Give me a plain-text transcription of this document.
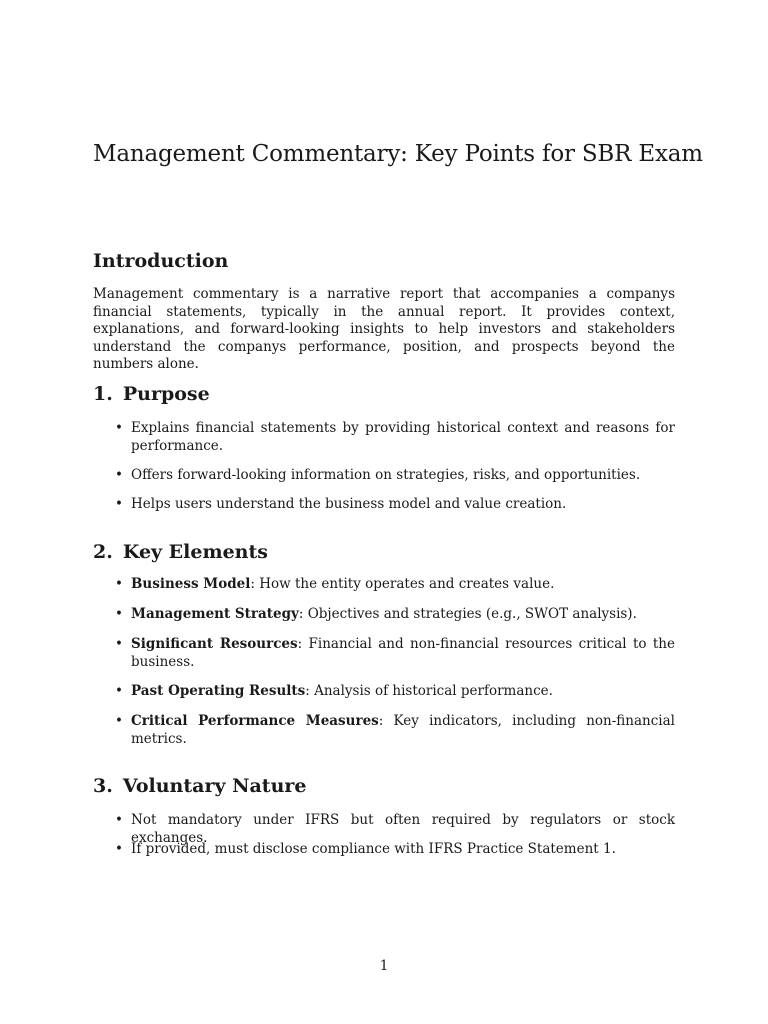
Management Commentary: Key Points for SBR Exam
Introduction

Management commentary is a narrative report that accompanies a companys financial statements, typically in the annual report. It provides context, explanations, and forward-looking insights to help investors and stakeholders understand the companys performance, position, and prospects beyond the numbers alone.

1. Purpose
• Explains financial statements by providing historical context and reasons for performance.
• Offers forward-looking information on strategies, risks, and opportunities.
• Helps users understand the business model and value creation.
2. Key Elements
• Business Model: How the entity operates and creates value.
• Management Strategy: Objectives and strategies (e.g., SWOT analysis).
• Significant Resources: Financial and non-financial resources critical to the business.
• Past Operating Results: Analysis of historical performance.
• Critical Performance Measures: Key indicators, including non-financial metrics.
3. Voluntary Nature
• Not mandatory under IFRS but often required by regulators or stock exchanges.
• If provided, must disclose compliance with IFRS Practice Statement 1.
1
